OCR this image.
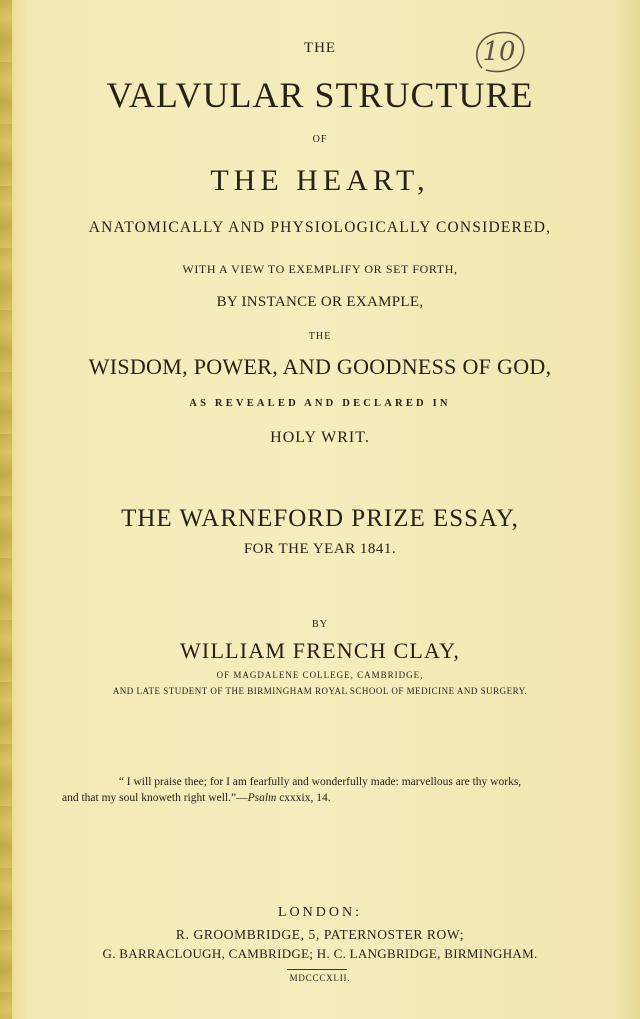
10
THE
VALVULAR STRUCTURE
OF
THE HEART,
ANATOMICALLY AND PHYSIOLOGICALLY CONSIDERED,
WITH A VIEW TO EXEMPLIFY OR SET FORTH,
BY INSTANCE OR EXAMPLE,
THE
WISDOM, POWER, AND GOODNESS OF GOD,
AS REVEALED AND DECLARED IN
HOLY WRIT.
THE WARNEFORD PRIZE ESSAY,
FOR THE YEAR 1841.
BY
WILLIAM FRENCH CLAY,
OF MAGDALENE COLLEGE, CAMBRIDGE,
AND LATE STUDENT OF THE BIRMINGHAM ROYAL SCHOOL OF MEDICINE AND SURGERY.
“ I will praise thee; for I am fearfully and wonderfully made: marvellous are thy works,
and that my soul knoweth right well.”—Psalm cxxxix, 14.
LONDON:
R. GROOMBRIDGE, 5, PATERNOSTER ROW;
G. BARRACLOUGH, CAMBRIDGE; H. C. LANGBRIDGE, BIRMINGHAM.
MDCCCXLII.
